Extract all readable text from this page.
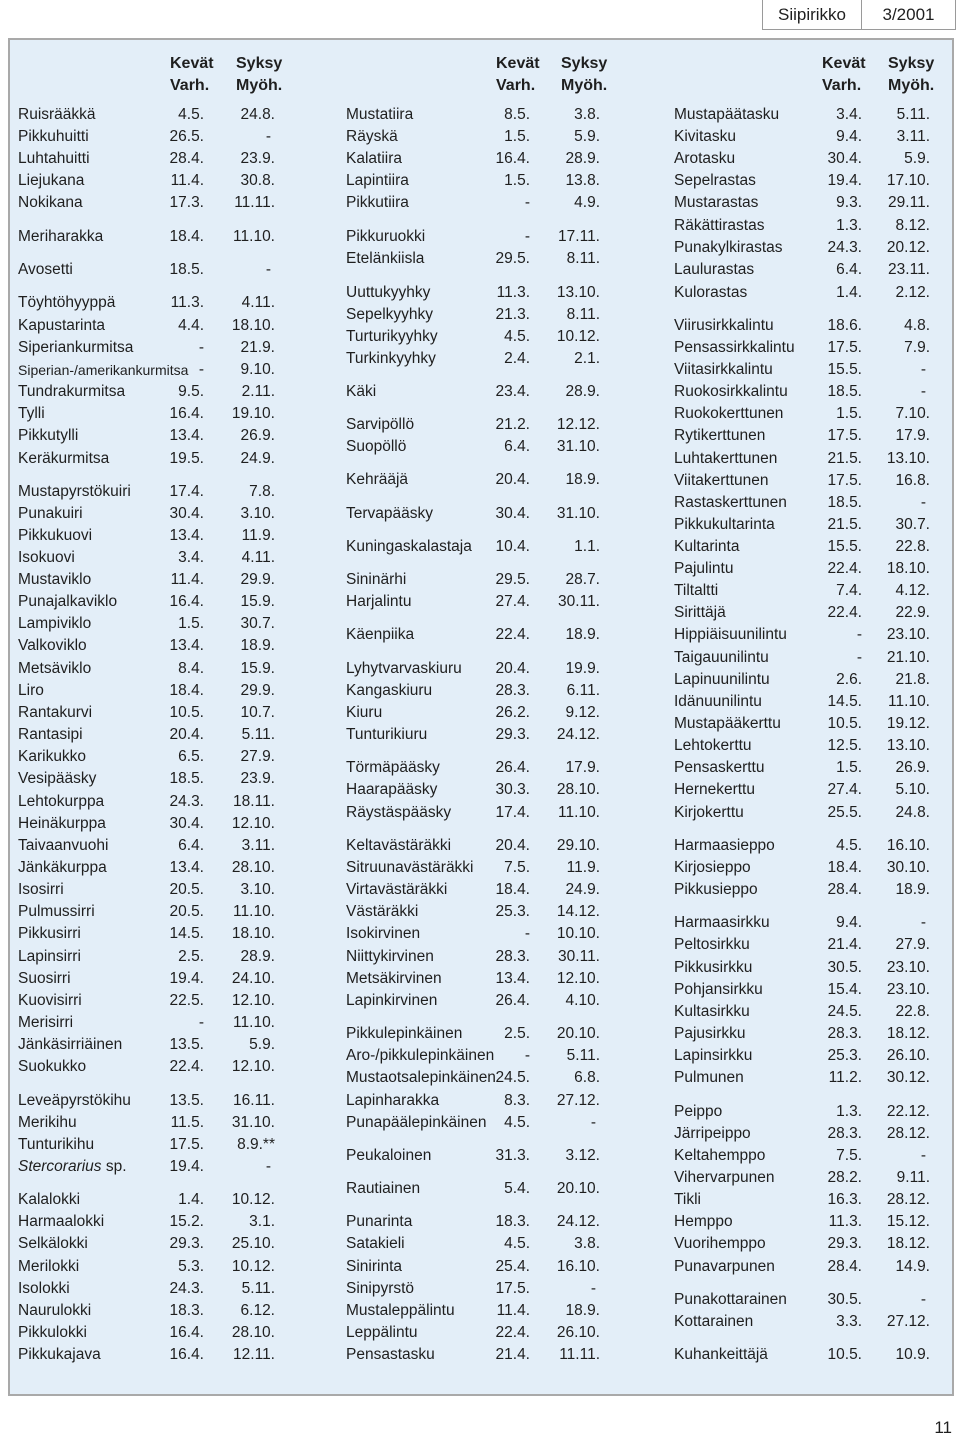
Siipirikko	3/2001
Kevät Syksy
Varh. Myöh.
Ruisrääkkä	4.5. 24.8.
Pikkuhuitti	26.5.	-
Luhtahuitti	28.4. 23.9.
Liejukana	11.4. 30.8.
Nokikana	17.3. 11.11.
Meriharakka	18.4. 11.10.
Avosetti	18.5.	-
Töyhtöhyyppä	11.3. 4.11.
Kapustarinta	4.4. 18.10.
Siperiankurmitsa	- 21.9.
Siperian-/amerikankurmitsa - 9.10.
Tundrakurmitsa	9.5. 2.11.
Tylli	16.4. 19.10.
Pikkutylli	13.4. 26.9.
Keräkurmitsa	19.5. 24.9.
Mustapyrstökuiri 17.4.	7.8.
Punakuiri	30.4. 3.10.
Pikkukuovi	13.4. 11.9.
Isokuovi	3.4. 4.11.
Mustaviklo	11.4. 29.9.
Punajalkaviklo	16.4. 15.9.
Lampiviklo	1.5. 30.7.
Valkoviklo	13.4. 18.9.
Metsäviklo	8.4. 15.9.
Liro	18.4. 29.9.
Rantakurvi	10.5. 10.7.
Rantasipi	20.4. 5.11.
Karikukko	6.5. 27.9.
Vesipääsky	18.5. 23.9.
Lehtokurppa	24.3. 18.11.
Heinäkurppa	30.4. 12.10.
Taivaanvuohi	6.4. 3.11.
Jänkäkurppa	13.4. 28.10.
Isosirri	20.5. 3.10.
Pulmussirri	20.5. 11.10.
Pikkusirri	14.5. 18.10.
Lapinsirri	2.5. 28.9.
Suosirri	19.4. 24.10.
Kuovisirri	22.5. 12.10.
Merisirri	- 11.10.
Jänkäsirriäinen	13.5.	5.9.
Suokukko	22.4. 12.10.
Leveäpyrstökihu 13.5. 16.11.
Merikihu	11.5. 31.10.
Tunturikihu	17.5. 8.9.**
Stercorarius sp.	19.4.	-
Kalalokki	1.4. 10.12.
Harmaalokki	15.2.	3.1.
Selkälokki	29.3. 25.10.
Merilokki	5.3. 10.12.
Isolokki	24.3. 5.11.
Naurulokki	18.3. 6.12.
Pikkulokki	16.4. 28.10.
Pikkukajava	16.4. 12.11.
Kevät Syksy
Varh. Myöh.
Mustatiira	8.5.	3.8.
Räyskä	1.5.	5.9.
Kalatiira	16.4. 28.9.
Lapintiira	1.5. 13.8.
Pikkutiira	-	4.9.
Pikkuruokki	- 17.11.
Etelänkiisla	29.5. 8.11.
Uuttukyyhky	11.3. 13.10.
Sepelkyyhky	21.3. 8.11.
Turturikyyhky	4.5. 10.12.
Turkinkyyhky	2.4.	2.1.
Käki	23.4. 28.9.
Sarvipöllö	21.2. 12.12.
Suopöllö	6.4. 31.10.
Kehrääjä	20.4. 18.9.
Tervapääsky	30.4. 31.10.
Kuningaskalastaja 10.4.	1.1.
Sininärhi	29.5. 28.7.
Harjalintu	27.4. 30.11.
Käenpiika	22.4. 18.9.
Lyhytvarvaskiuru 20.4. 19.9.
Kangaskiuru	28.3. 6.11.
Kiuru	26.2. 9.12.
Tunturikiuru	29.3. 24.12.
Törmäpääsky	26.4. 17.9.
Haarapääsky	30.3. 28.10.
Räystäspääsky	17.4. 11.10.
Keltavästäräkki	20.4. 29.10.
Sitruunavästäräkki 7.5. 11.9.
Virtavästäräkki	18.4. 24.9.
Västäräkki	25.3. 14.12.
Isokirvinen	- 10.10.
Niittykirvinen	28.3. 30.11.
Metsäkirvinen	13.4. 12.10.
Lapinkirvinen	26.4. 4.10.
Pikkulepinkäinen	2.5. 20.10.
Aro-/pikkulepinkäinen - 5.11.
Mustaotsalepinkäinen 24.5.	6.8.
Lapinharakka	8.3. 27.12.
Punapäälepinkäinen 4.5.	-
Peukaloinen	31.3. 3.12.
Rautiainen	5.4. 20.10.
Punarinta	18.3. 24.12.
Satakieli	4.5.	3.8.
Sinirinta	25.4. 16.10.
Sinipyrstö	17.5.	-
Mustaleppälintu	11.4. 18.9.
Leppälintu	22.4. 26.10.
Pensastasku	21.4. 11.11.
Kevät Syksy
Varh. Myöh.
Mustapäätasku	3.4. 5.11.
Kivitasku	9.4. 3.11.
Arotasku	30.4.	5.9.
Sepelrastas	19.4. 17.10.
Mustarastas	9.3. 29.11.
Räkättirastas	1.3. 8.12.
Punakylkirastas	24.3. 20.12.
Laulurastas	6.4. 23.11.
Kulorastas	1.4. 2.12.
Viirusirkkalintu	18.6.	4.8.
Pensassirkkalintu 17.5.	7.9.
Viitasirkkalintu	15.5.	-
Ruokosirkkalintu	18.5.	-
Ruokokerttunen	1.5. 7.10.
Rytikerttunen	17.5. 17.9.
Luhtakerttunen	21.5. 13.10.
Viitakerttunen	17.5. 16.8.
Rastaskerttunen	18.5.	-
Pikkukultarinta	21.5. 30.7.
Kultarinta	15.5. 22.8.
Pajulintu	22.4. 18.10.
Tiltaltti	7.4. 4.12.
Sirittäjä	22.4. 22.9.
Hippiäisuunilintu	- 23.10.
Taigauunilintu	- 21.10.
Lapinuunilintu	2.6. 21.8.
Idänuunilintu	14.5. 11.10.
Mustapääkerttu	10.5. 19.12.
Lehtokerttu	12.5. 13.10.
Pensaskerttu	1.5. 26.9.
Hernekerttu	27.4. 5.10.
Kirjokerttu	25.5. 24.8.
Harmaasieppo	4.5. 16.10.
Kirjosieppo	18.4. 30.10.
Pikkusieppo	28.4. 18.9.
Harmaasirkku	9.4.	-
Peltosirkku	21.4. 27.9.
Pikkusirkku	30.5. 23.10.
Pohjansirkku	15.4. 23.10.
Kultasirkku	24.5. 22.8.
Pajusirkku	28.3. 18.12.
Lapinsirkku	25.3. 26.10.
Pulmunen	11.2. 30.12.
Peippo	1.3. 22.12.
Järripeippo	28.3. 28.12.
Keltahemppo	7.5.	-
Vihervarpunen	28.2. 9.11.
Tikli	16.3. 28.12.
Hemppo	11.3. 15.12.
Vuorihemppo	29.3. 18.12.
Punavarpunen	28.4. 14.9.
Punakottarainen	30.5.	-
Kottarainen	3.3. 27.12.
Kuhankeittäjä	10.5. 10.9.
11
